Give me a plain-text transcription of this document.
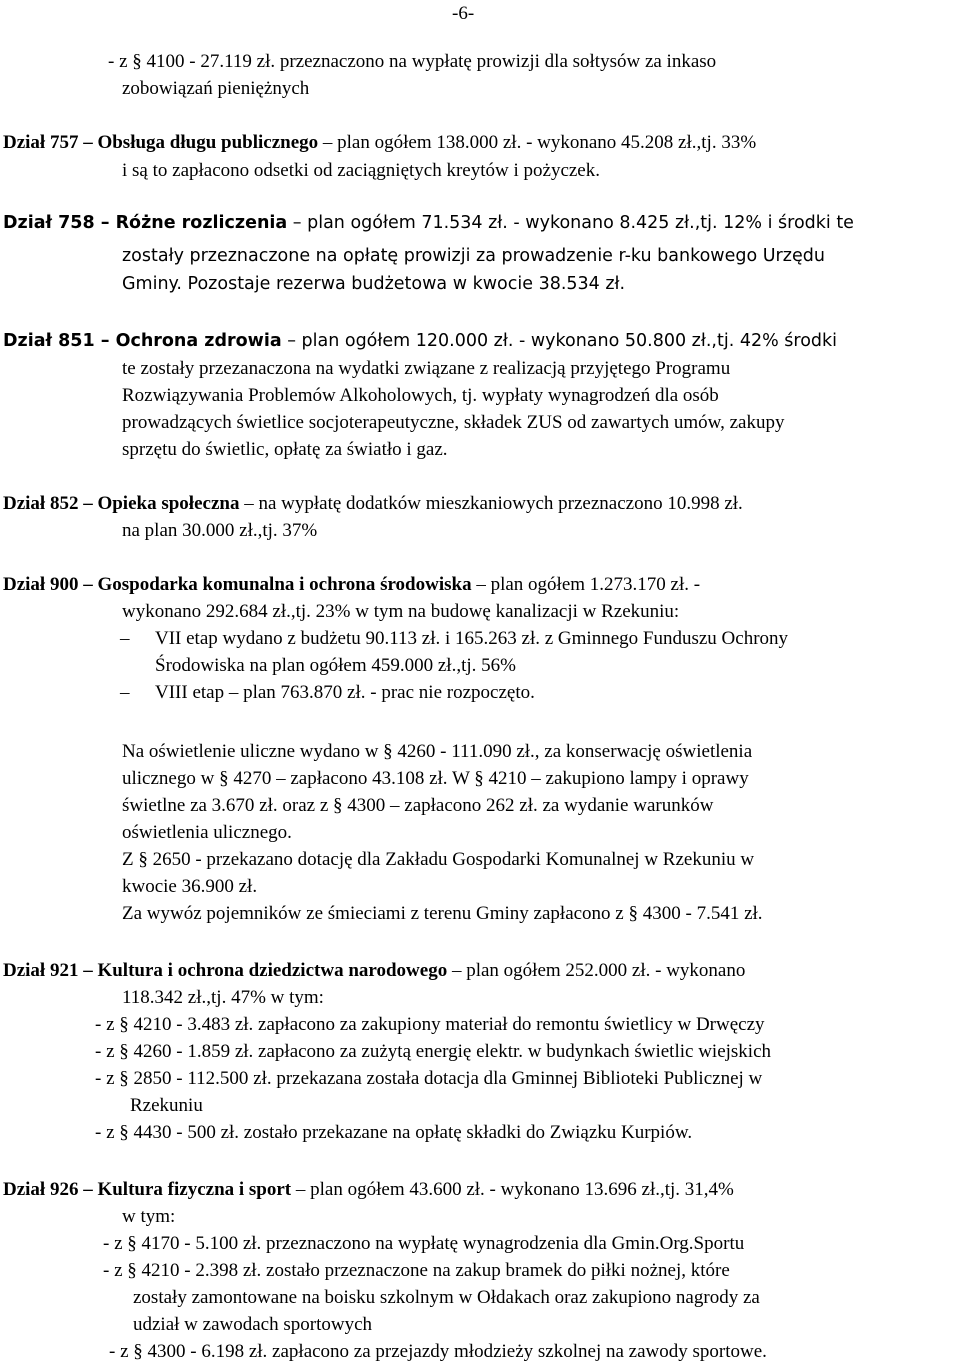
-6-
- z § 4100 - 27.119 zł. przeznaczono na wypłatę prowizji dla sołtysów za inkaso
zobowiązań pieniężnych
Dział 757 – Obsługa długu publicznego – plan ogółem 138.000 zł. - wykonano 45.208 zł.,tj. 33%
i są to zapłacono odsetki od zaciągniętych kreytów i pożyczek.
Dział 758 – Różne rozliczenia – plan ogółem 71.534 zł. - wykonano 8.425 zł.,tj. 12% i środki te
zostały przeznaczone na opłatę prowizji za prowadzenie r-ku bankowego Urzędu
Gminy. Pozostaje rezerwa budżetowa w kwocie 38.534 zł.
Dział 851 – Ochrona zdrowia – plan ogółem 120.000 zł. - wykonano 50.800 zł.,tj. 42% środki
te zostały przezanaczona na wydatki związane z realizacją przyjętego Programu
Rozwiązywania Problemów Alkoholowych, tj. wypłaty wynagrodzeń dla osób
prowadzących świetlice socjoterapeutyczne, składek ZUS od zawartych umów, zakupy
sprzętu do świetlic, opłatę za światło i gaz.
Dział 852 – Opieka społeczna – na wypłatę dodatków mieszkaniowych przeznaczono 10.998 zł.
na plan 30.000 zł.,tj. 37%
Dział 900 – Gospodarka komunalna i ochrona środowiska – plan ogółem 1.273.170 zł. -
wykonano 292.684 zł.,tj. 23% w tym na budowę kanalizacji w Rzekuniu:
– VII etap wydano z budżetu 90.113 zł. i 165.263 zł. z Gminnego Funduszu Ochrony
Środowiska na plan ogółem 459.000 zł.,tj. 56%
– VIII etap – plan 763.870 zł. - prac nie rozpoczęto.
Na oświetlenie uliczne wydano w § 4260 - 111.090 zł., za konserwację oświetlenia
ulicznego w § 4270 – zapłacono 43.108 zł. W § 4210 – zakupiono lampy i oprawy
świetlne za 3.670 zł. oraz z § 4300 – zapłacono 262 zł. za wydanie warunków
oświetlenia ulicznego.
Z § 2650 - przekazano dotację dla Zakładu Gospodarki Komunalnej w Rzekuniu w
kwocie 36.900 zł.
Za wywóz pojemników ze śmieciami z terenu Gminy zapłacono z § 4300 - 7.541 zł.
Dział 921 – Kultura i ochrona dziedzictwa narodowego – plan ogółem 252.000 zł. - wykonano
118.342 zł.,tj. 47% w tym:
- z § 4210 - 3.483 zł. zapłacono za zakupiony materiał do remontu świetlicy w Drwęczy
- z § 4260 - 1.859 zł. zapłacono za zużytą energię elektr. w budynkach świetlic wiejskich
- z § 2850 - 112.500 zł. przekazana została dotacja dla Gminnej Biblioteki Publicznej w
Rzekuniu
- z § 4430 - 500 zł. zostało przekazane na opłatę składki do Związku Kurpiów.
Dział 926 – Kultura fizyczna i sport – plan ogółem 43.600 zł. - wykonano 13.696 zł.,tj. 31,4%
w tym:
- z § 4170 - 5.100 zł. przeznaczono na wypłatę wynagrodzenia dla Gmin.Org.Sportu
- z § 4210 - 2.398 zł. zostało przeznaczone na zakup bramek do piłki nożnej, które
zostały zamontowane na boisku szkolnym w Ołdakach oraz zakupiono nagrody za
udział w zawodach sportowych
- z § 4300 - 6.198 zł. zapłacono za przejazdy młodzieży szkolnej na zawody sportowe.
